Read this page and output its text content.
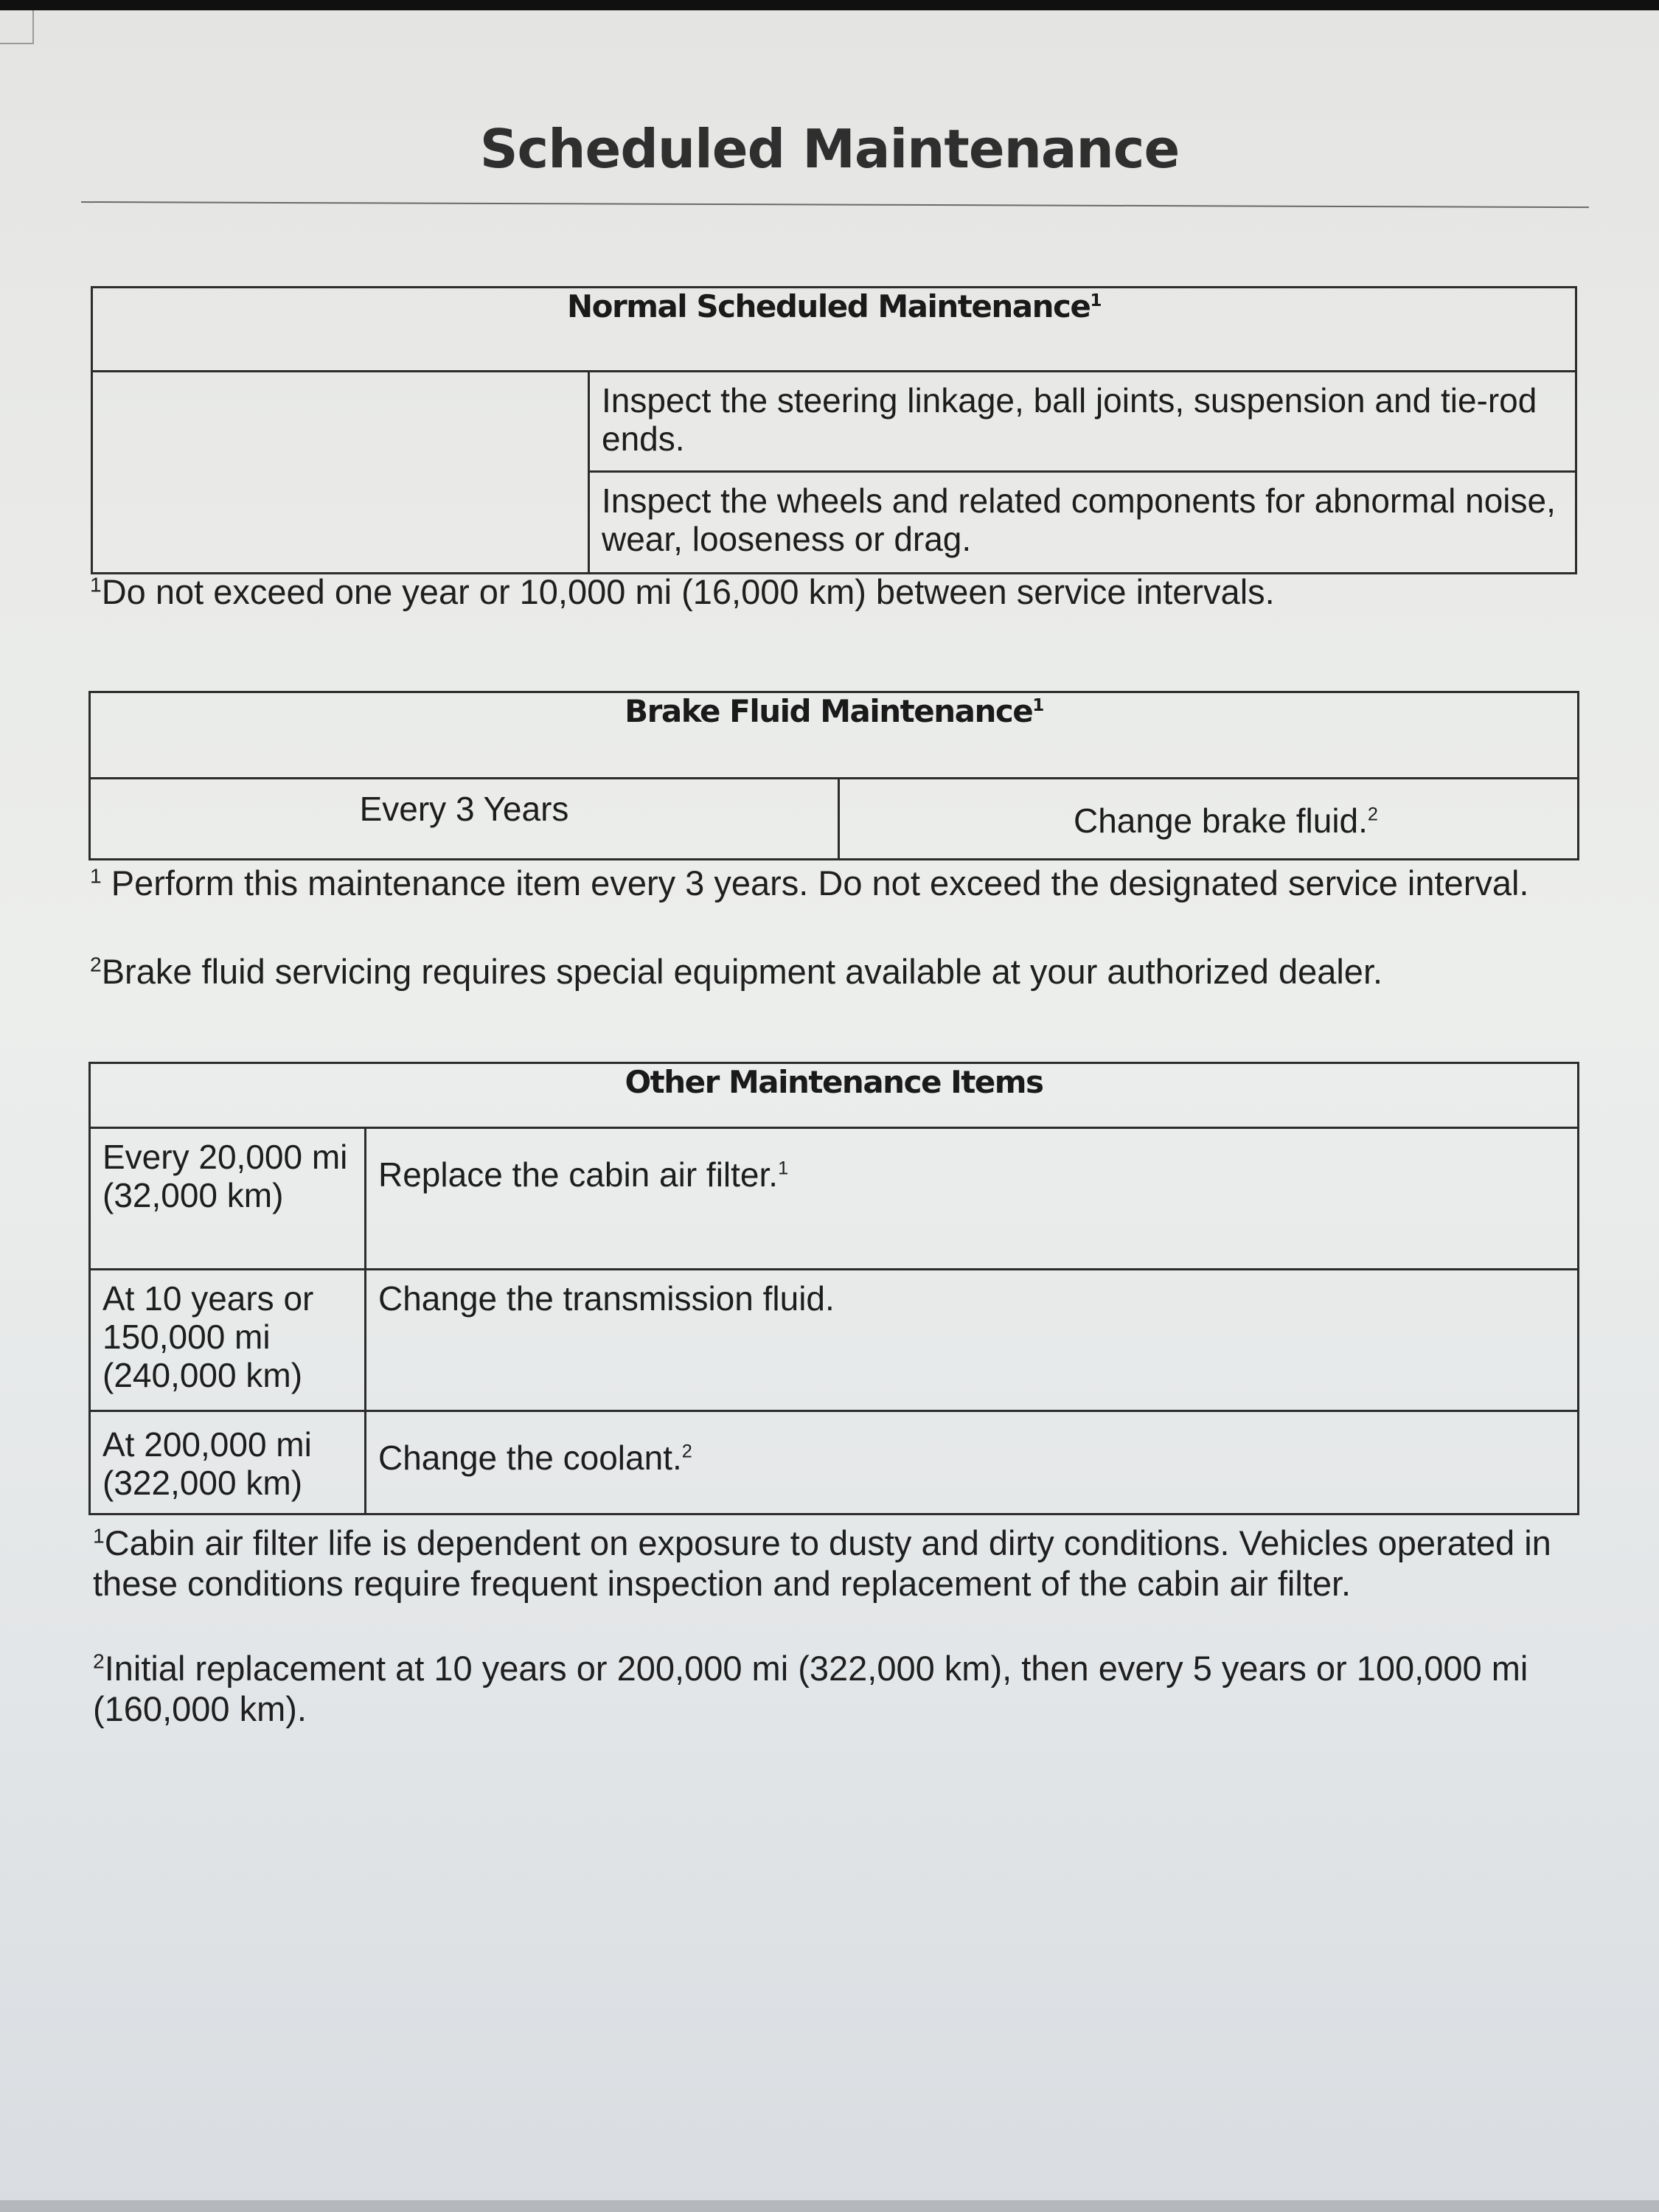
Scheduled Maintenance
Normal Scheduled Maintenance$^1$

Inspect the steering linkage, ball joints, suspension and tie-rod ends.

Inspect the wheels and related components for abnormal noise, wear, looseness or drag.
$^1$Do not exceed one year or 10,000 mi (16,000 km) between service intervals.
Brake Fluid Maintenance$^1$

Every 3 Years	Change brake fluid.$^2$
$^1$ Perform this maintenance item every 3 years. Do not exceed the designated service interval.
$^2$Brake fluid servicing requires special equipment available at your authorized dealer.
Other Maintenance Items	

Every 20,000 mi (32,000 km)	Replace the cabin air filter.$^1$

At 10 years or 150,000 mi (240,000 km)	Change the transmission fluid.

At 200,000 mi (322,000 km)	Change the coolant.$^2$
$^1$Cabin air filter life is dependent on exposure to dusty and dirty conditions. Vehicles operated in these conditions require frequent inspection and replacement of the cabin air filter.
$^2$Initial replacement at 10 years or 200,000 mi (322,000 km), then every 5 years or 100,000 mi (160,000 km).
